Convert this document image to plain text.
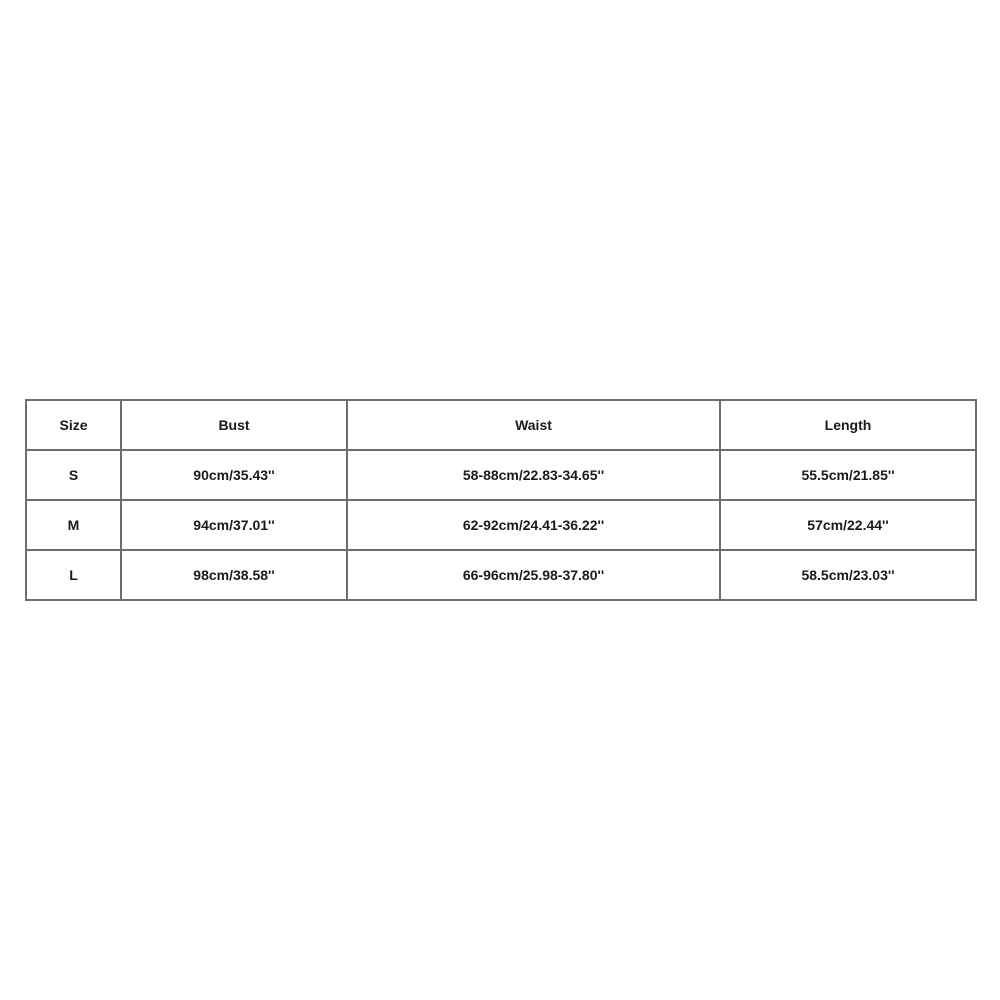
Size	Bust	Waist	Length
S	90cm/35.43''	58-88cm/22.83-34.65''	55.5cm/21.85''
M	94cm/37.01''	62-92cm/24.41-36.22''	57cm/22.44''
L	98cm/38.58''	66-96cm/25.98-37.80''	58.5cm/23.03''
